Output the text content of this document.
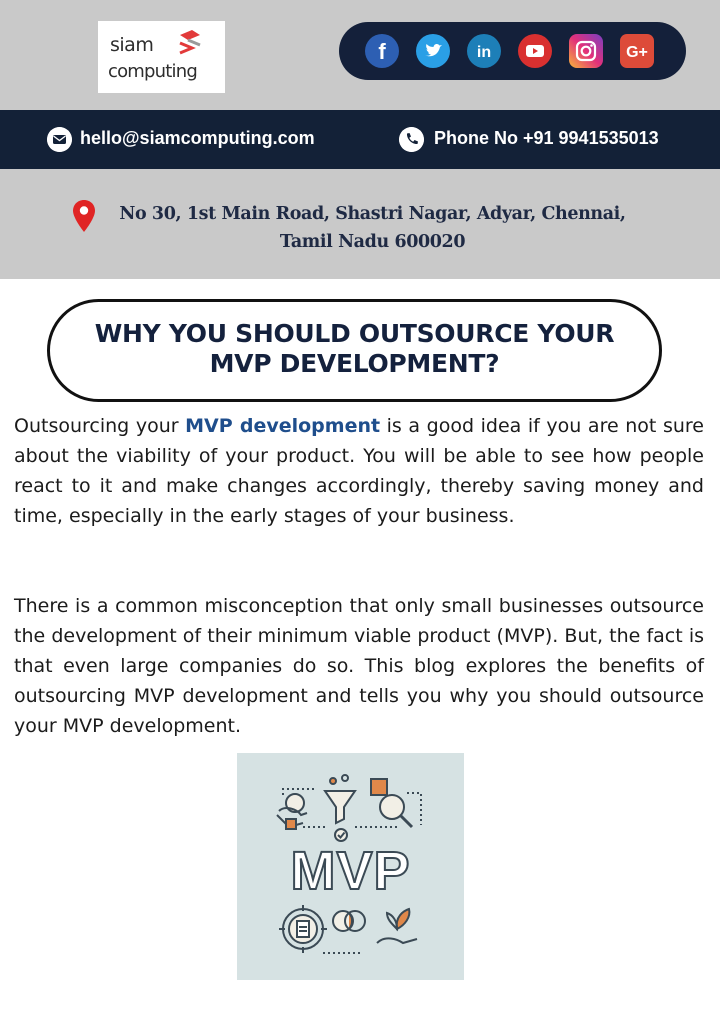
siam
computing
f	in	G+
hello@siamcomputing.com	Phone No +91 9941535013
No 30, 1st Main Road, Shastri Nagar, Adyar, Chennai,
Tamil Nadu 600020
WHY YOU SHOULD OUTSOURCE YOUR
MVP DEVELOPMENT?

Outsourcing your MVP development is a good idea if you are not sure about the viability of your product. You will be able to see how people react to it and make changes accordingly, thereby saving money and time, especially in the early stages of your business.

There is a common misconception that only small businesses outsource the development of their minimum viable product (MVP). But, the fact is that even large companies do so. This blog explores the benefits of outsourcing MVP development and tells you why you should outsource your MVP development.

MVP
